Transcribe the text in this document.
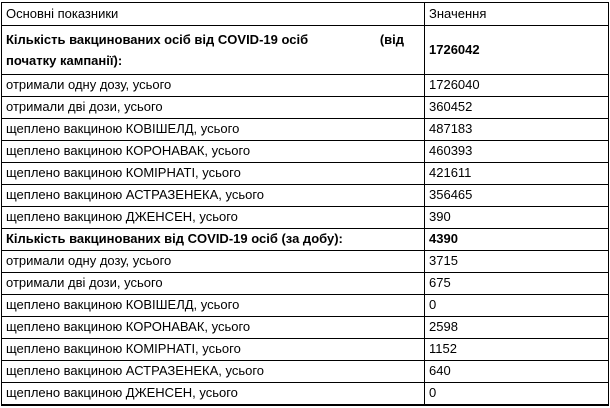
Основні показники	Значення

Кількість вакцинованих осіб від COVID-19 осіб (від
початку кампанії):	1726042
отримали одну дозу, усього	1726040
отримали дві дози, усього	360452
щеплено вакциною КОВІШЕЛД, усього	487183
щеплено вакциною КОРОНАВАК, усього	460393
щеплено вакциною КОМІРНАТІ, усього	421611
щеплено вакциною АСТРАЗЕНЕКА, усього	356465
щеплено вакциною ДЖЕНСЕН, усього	390
Кількість вакцинованих від COVID-19 осіб (за добу):	4390
отримали одну дозу, усього	3715
отримали дві дози, усього	675
щеплено вакциною КОВІШЕЛД, усього	0
щеплено вакциною КОРОНАВАК, усього	2598
щеплено вакциною КОМІРНАТІ, усього	1152
щеплено вакциною АСТРАЗЕНЕКА, усього	640
щеплено вакциною ДЖЕНСЕН, усього	0
